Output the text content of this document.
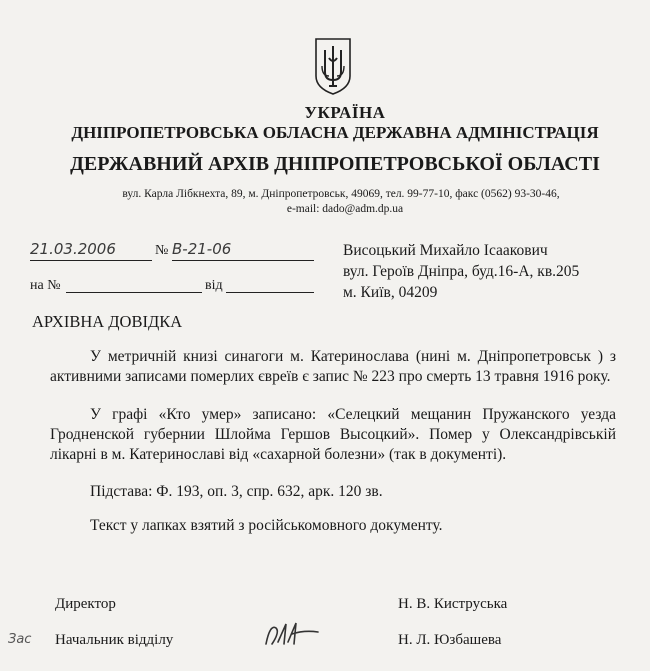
УКРАЇНА
ДНІПРОПЕТРОВСЬКА ОБЛАСНА ДЕРЖАВНА АДМІНІСТРАЦІЯ
ДЕРЖАВНИЙ АРХІВ ДНІПРОПЕТРОВСЬКОЇ ОБЛАСТІ
вул. Карла Лібкнехта, 89, м. Дніпропетровськ, 49069, тел. 99-77-10, факс (0562) 93-30-46,
e-mail: dado@adm.dp.ua
21.03.2006	№ В-21-06
на №	від
Висоцький Михайло Ісаакович
вул. Героїв Дніпра, буд.16-А, кв.205
м. Київ, 04209
АРХІВНА ДОВІДКА

У метричній книзі синагоги м. Катеринослава (нині м. Дніпропетровськ ) з активними записами померлих євреїв є запис № 223 про смерть 13 травня 1916 року.

У графі «Кто умер» записано: «Селецкий мещанин Пружанского уезда Гродненской губернии Шлойма Гершов Высоцкий». Помер у Олександрівській лікарні в м. Катеринославі від «сахарной болезни» (так в документі).

Підстава: Ф. 193, оп. 3, спр. 632, арк. 120 зв.

Текст у лапках взятий з російськомовного документу.

Директор	Н. В. Киструська
Зас Начальник відділу	Н. Л. Юзбашева
